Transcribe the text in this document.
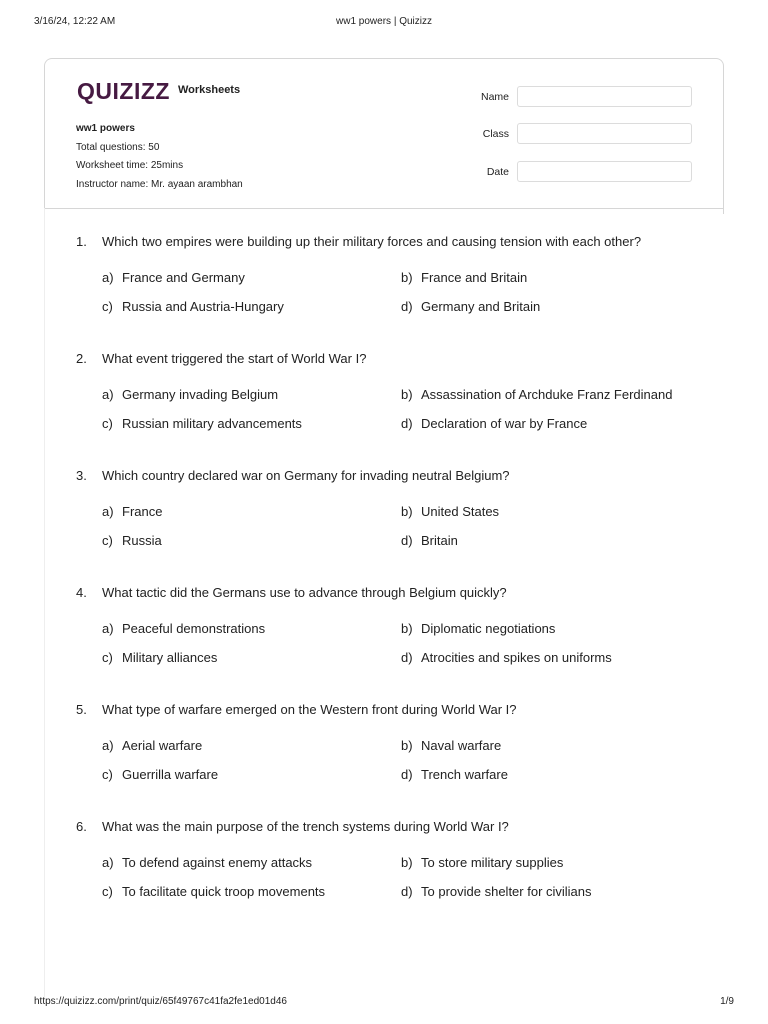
3/16/24, 12:22 AM	ww1 powers | Quizizz
QUIZIZZ Worksheets
ww1 powers
Total questions: 50
Worksheet time: 25mins
Instructor name: Mr. ayaan arambhan
Name
Class
Date
1. Which two empires were building up their military forces and causing tension with each other?
a) France and Germany	b) France and Britain
c) Russia and Austria-Hungary	d) Germany and Britain
2. What event triggered the start of World War I?
a) Germany invading Belgium	b) Assassination of Archduke Franz Ferdinand
c) Russian military advancements	d) Declaration of war by France
3. Which country declared war on Germany for invading neutral Belgium?
a) France	b) United States
c) Russia	d) Britain
4. What tactic did the Germans use to advance through Belgium quickly?
a) Peaceful demonstrations	b) Diplomatic negotiations
c) Military alliances	d) Atrocities and spikes on uniforms
5. What type of warfare emerged on the Western front during World War I?
a) Aerial warfare	b) Naval warfare
c) Guerrilla warfare	d) Trench warfare
6. What was the main purpose of the trench systems during World War I?
a) To defend against enemy attacks	b) To store military supplies
c) To facilitate quick troop movements	d) To provide shelter for civilians
https://quizizz.com/print/quiz/65f49767c41fa2fe1ed01d46	1/9
